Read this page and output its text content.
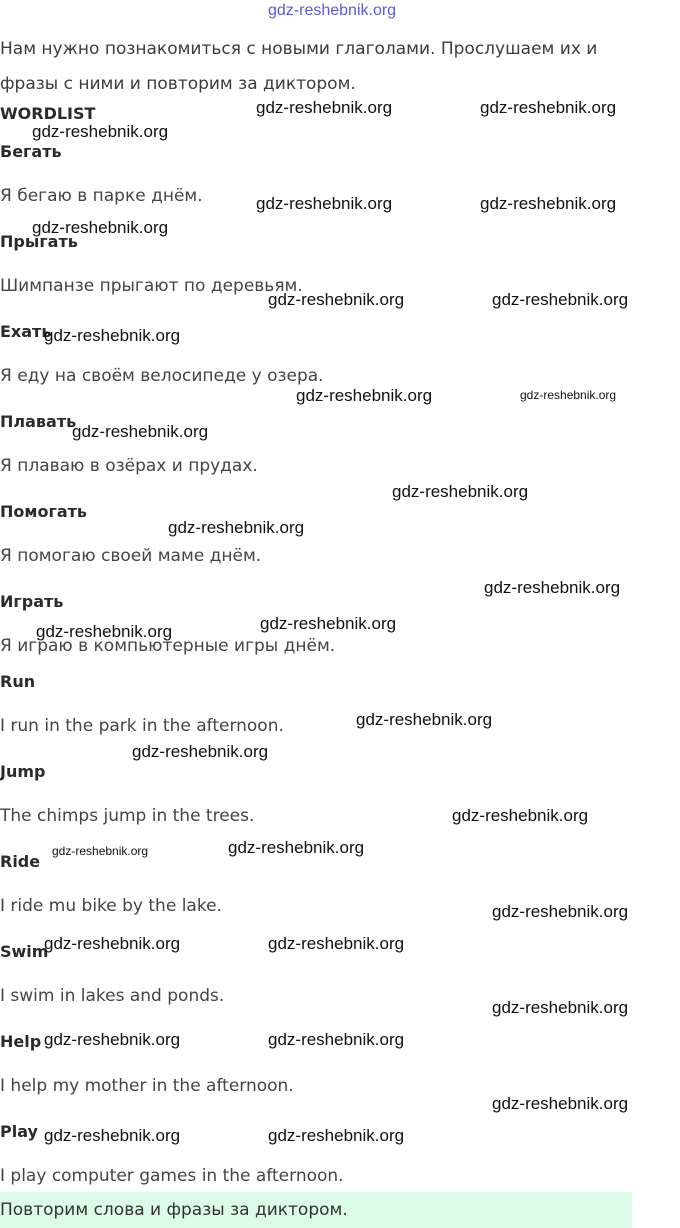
gdz-reshebnik.org
Нам нужно познакомиться с новыми глаголами. Прослушаем их и фразы с ними и повторим за диктором.
WORDLIST
Бегать
Я бегаю в парке днём.
Прыгать
Шимпанзе прыгают по деревьям.
Ехать
Я еду на своём велосипеде у озера.
Плавать
Я плаваю в озёрах и прудах.
Помогать
Я помогаю своей маме днём.
Играть
Я играю в компьютерные игры днём.
Run
I run in the park in the afternoon.
Jump
The chimps jump in the trees.
Ride
I ride mu bike by the lake.
Swim
I swim in lakes and ponds.
Help
I help my mother in the afternoon.
Play
I play computer games in the afternoon.
Повторим слова и фразы за диктором.
gdz-reshebnik.org	gdz-reshebnik.org
gdz-reshebnik.org
gdz-reshebnik.org	gdz-reshebnik.org
gdz-reshebnik.org
gdz-reshebnik.org	gdz-reshebnik.org
gdz-reshebnik.org
gdz-reshebnik.org	gdz-reshebnik.org
gdz-reshebnik.org
gdz-reshebnik.org
gdz-reshebnik.org
gdz-reshebnik.org
gdz-reshebnik.org
gdz-reshebnik.org
gdz-reshebnik.org
gdz-reshebnik.org
gdz-reshebnik.org
gdz-reshebnik.org	gdz-reshebnik.org
gdz-reshebnik.org
gdz-reshebnik.org	gdz-reshebnik.org
gdz-reshebnik.org
gdz-reshebnik.org	gdz-reshebnik.org
gdz-reshebnik.org
gdz-reshebnik.org	gdz-reshebnik.org
